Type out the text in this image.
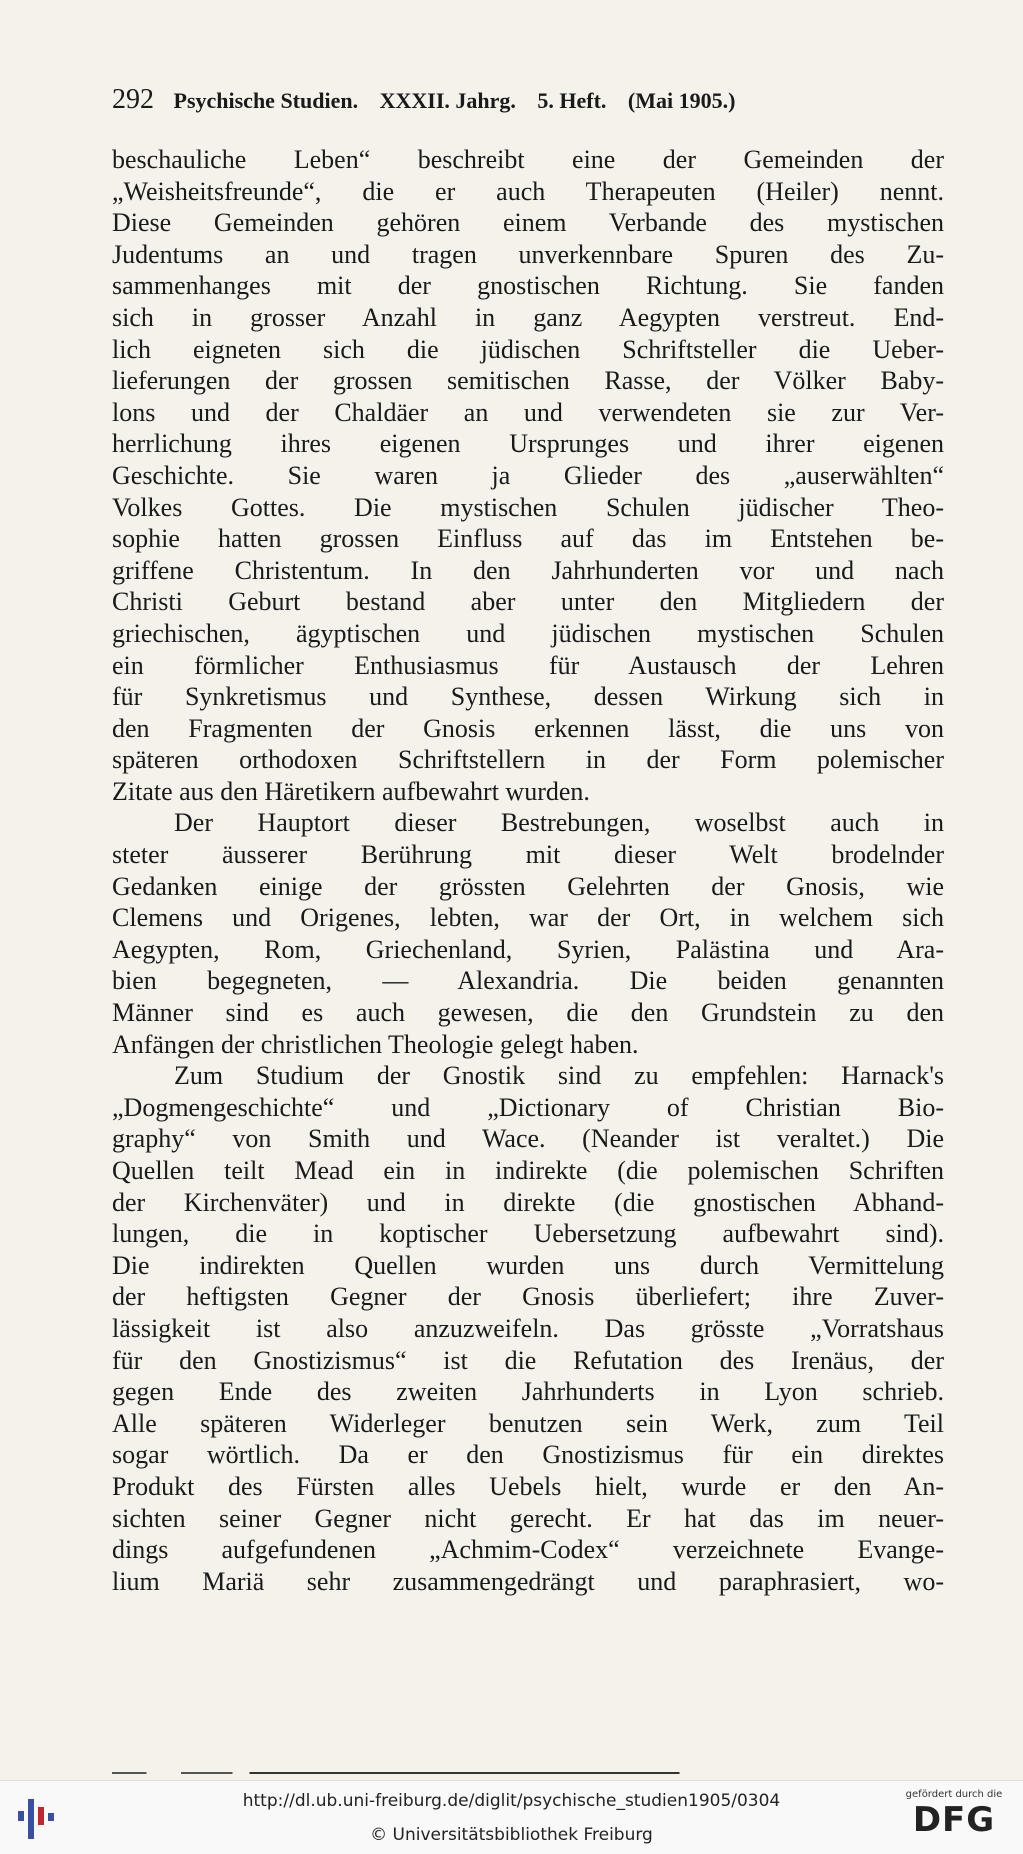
292 Psychische Studien. XXXII. Jahrg. 5. Heft. (Mai 1905.)
beschauliche Leben“ beschreibt eine der Gemeinden der
„Weisheitsfreunde“, die er auch Therapeuten (Heiler) nennt.
Diese Gemeinden gehören einem Verbande des mystischen
Judentums an und tragen unverkennbare Spuren des Zu-
sammenhanges mit der gnostischen Richtung. Sie fanden
sich in grosser Anzahl in ganz Aegypten verstreut. End-
lich eigneten sich die jüdischen Schriftsteller die Ueber-
lieferungen der grossen semitischen Rasse, der Völker Baby-
lons und der Chaldäer an und verwendeten sie zur Ver-
herrlichung ihres eigenen Ursprunges und ihrer eigenen
Geschichte. Sie waren ja Glieder des „auserwählten“
Volkes Gottes. Die mystischen Schulen jüdischer Theo-
sophie hatten grossen Einfluss auf das im Entstehen be-
griffene Christentum. In den Jahrhunderten vor und nach
Christi Geburt bestand aber unter den Mitgliedern der
griechischen, ägyptischen und jüdischen mystischen Schulen
ein förmlicher Enthusiasmus für Austausch der Lehren
für Synkretismus und Synthese, dessen Wirkung sich in
den Fragmenten der Gnosis erkennen lässt, die uns von
späteren orthodoxen Schriftstellern in der Form polemischer
Zitate aus den Häretikern aufbewahrt wurden.
Der Hauptort dieser Bestrebungen, woselbst auch in
steter äusserer Berührung mit dieser Welt brodelnder
Gedanken einige der grössten Gelehrten der Gnosis, wie
Clemens und Origenes, lebten, war der Ort, in welchem sich
Aegypten, Rom, Griechenland, Syrien, Palästina und Ara-
bien begegneten, — Alexandria. Die beiden genannten
Männer sind es auch gewesen, die den Grundstein zu den
Anfängen der christlichen Theologie gelegt haben.
Zum Studium der Gnostik sind zu empfehlen: Harnack's
„Dogmengeschichte“ und „Dictionary of Christian Bio-
graphy“ von Smith und Wace. (Neander ist veraltet.) Die
Quellen teilt Mead ein in indirekte (die polemischen Schriften
der Kirchenväter) und in direkte (die gnostischen Abhand-
lungen, die in koptischer Uebersetzung aufbewahrt sind).
Die indirekten Quellen wurden uns durch Vermittelung
der heftigsten Gegner der Gnosis überliefert; ihre Zuver-
lässigkeit ist also anzuzweifeln. Das grösste „Vorratshaus
für den Gnostizismus“ ist die Refutation des Irenäus, der
gegen Ende des zweiten Jahrhunderts in Lyon schrieb.
Alle späteren Widerleger benutzen sein Werk, zum Teil
sogar wörtlich. Da er den Gnostizismus für ein direktes
Produkt des Fürsten alles Uebels hielt, wurde er den An-
sichten seiner Gegner nicht gerecht. Er hat das im neuer-
dings aufgefundenen „Achmim-Codex“ verzeichnete Evange-
lium Mariä sehr zusammengedrängt und paraphrasiert, wo-
http://dl.ub.uni-freiburg.de/diglit/psychische_studien1905/0304
© Universitätsbibliothek Freiburg
gefördert durch die
DFG
